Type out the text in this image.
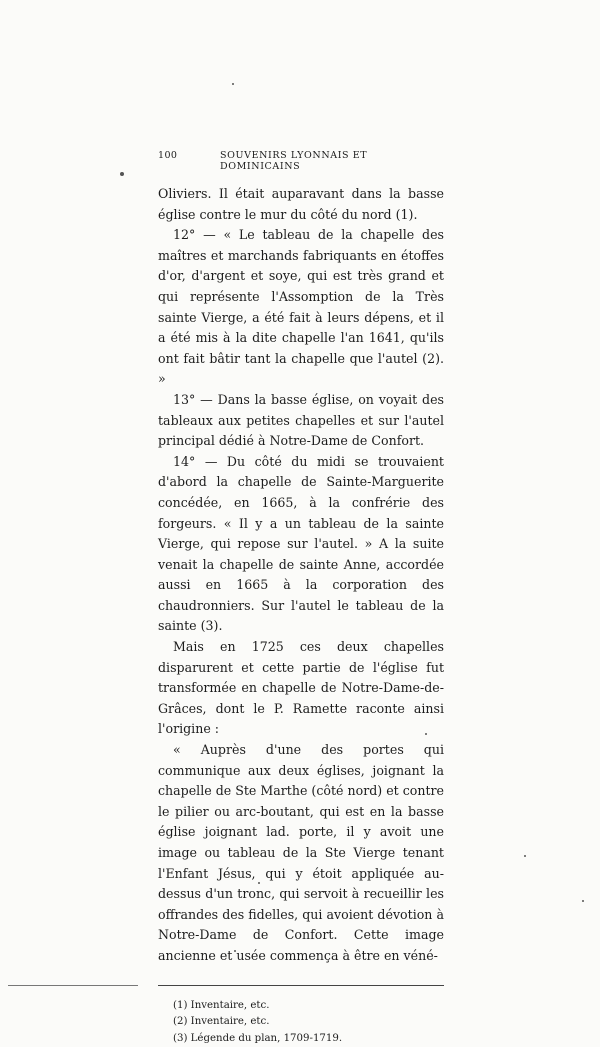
100	SOUVENIRS LYONNAIS ET DOMINICAINS

Oliviers. Il était auparavant dans la basse église contre le mur du côté du nord (1).

12° — « Le tableau de la chapelle des maîtres et marchands fabriquants en étoffes d'or, d'argent et soye, qui est très grand et qui représente l'Assomption de la Très sainte Vierge, a été fait à leurs dépens, et il a été mis à la dite chapelle l'an 1641, qu'ils ont fait bâtir tant la chapelle que l'autel (2). »

13° — Dans la basse église, on voyait des tableaux aux petites chapelles et sur l'autel principal dédié à Notre-Dame de Confort.

14° — Du côté du midi se trouvaient d'abord la chapelle de Sainte-Marguerite concédée, en 1665, à la confrérie des forgeurs. « Il y a un tableau de la sainte Vierge, qui repose sur l'autel. » A la suite venait la chapelle de sainte Anne, accordée aussi en 1665 à la corporation des chaudronniers. Sur l'autel le tableau de la sainte (3).

Mais en 1725 ces deux chapelles disparurent et cette partie de l'église fut transformée en chapelle de Notre-Dame-de-Grâces, dont le P. Ramette raconte ainsi l'origine :

« Auprès d'une des portes qui communique aux deux églises, joignant la chapelle de Ste Marthe (côté nord) et contre le pilier ou arc-boutant, qui est en la basse église joignant lad. porte, il y avoit une image ou tableau de la Ste Vierge tenant l'Enfant Jésus, qui y étoit appliquée au-dessus d'un tronc, qui servoit à recueillir les offrandes des fidelles, qui avoient dévotion à Notre-Dame de Confort. Cette image ancienne et usée commença à être en véné-

(1) Inventaire, etc.
(2) Inventaire, etc.
(3) Légende du plan, 1709-1719.
